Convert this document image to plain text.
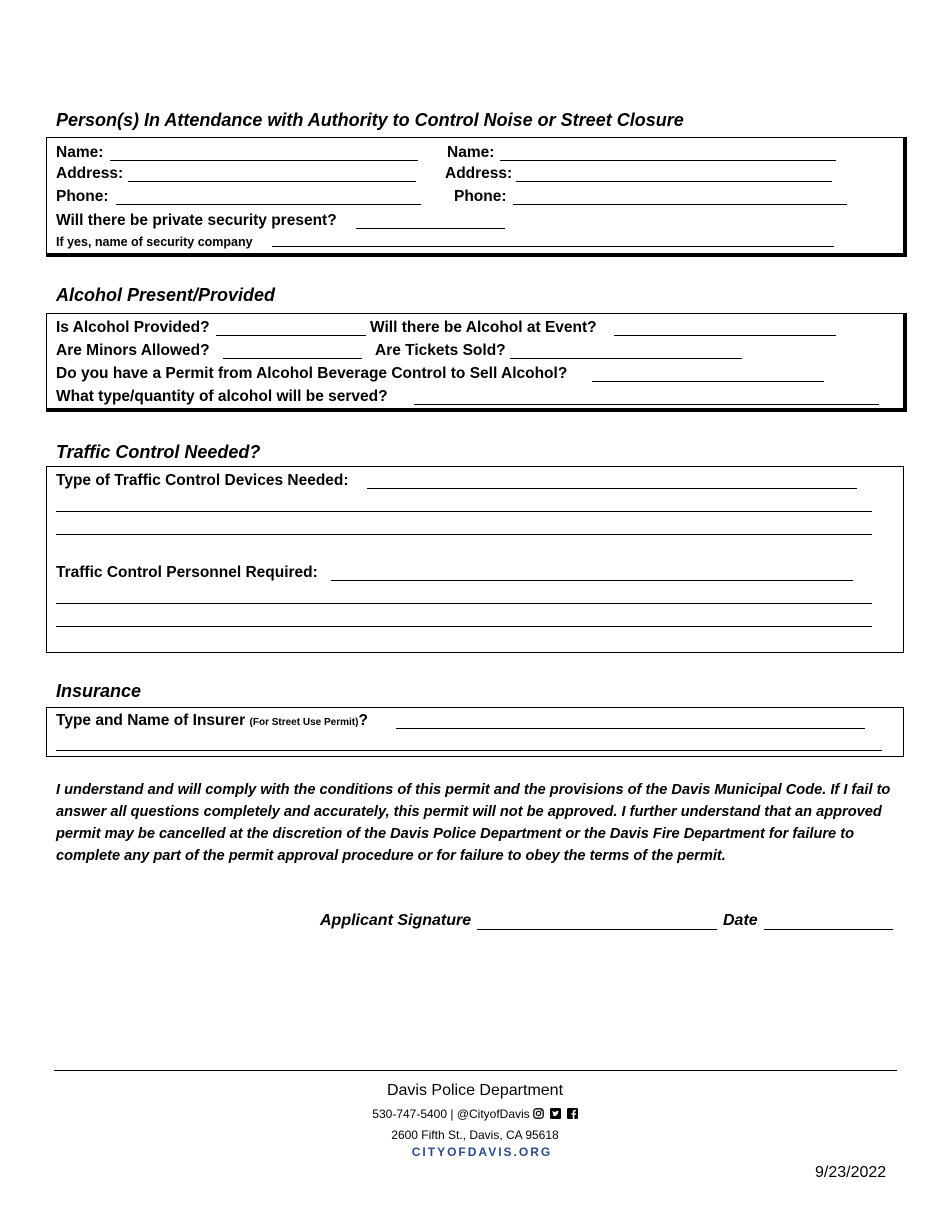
Person(s) In Attendance with Authority to Control Noise or Street Closure
Name:	Name:
Address:	Address:
Phone:	Phone:
Will there be private security present?
If yes, name of security company
Alcohol Present/Provided
Is Alcohol Provided?	Will there be Alcohol at Event?
Are Minors Allowed?	Are Tickets Sold?
Do you have a Permit from Alcohol Beverage Control to Sell Alcohol?
What type/quantity of alcohol will be served?
Traffic Control Needed?
Type of Traffic Control Devices Needed:
Traffic Control Personnel Required:
Insurance
Type and Name of Insurer (For Street Use Permit)?

I understand and will comply with the conditions of this permit and the provisions of the Davis Municipal Code. If I fail to answer all questions completely and accurately, this permit will not be approved. I further understand that an approved permit may be cancelled at the discretion of the Davis Police Department or the Davis Fire Department for failure to complete any part of the permit approval procedure or for failure to obey the terms of the permit.

Applicant Signature	Date
Davis Police Department
530-747-5400 | @CityofDavis
2600 Fifth St., Davis, CA 95618
CITYOFDAVIS.ORG
9/23/2022
